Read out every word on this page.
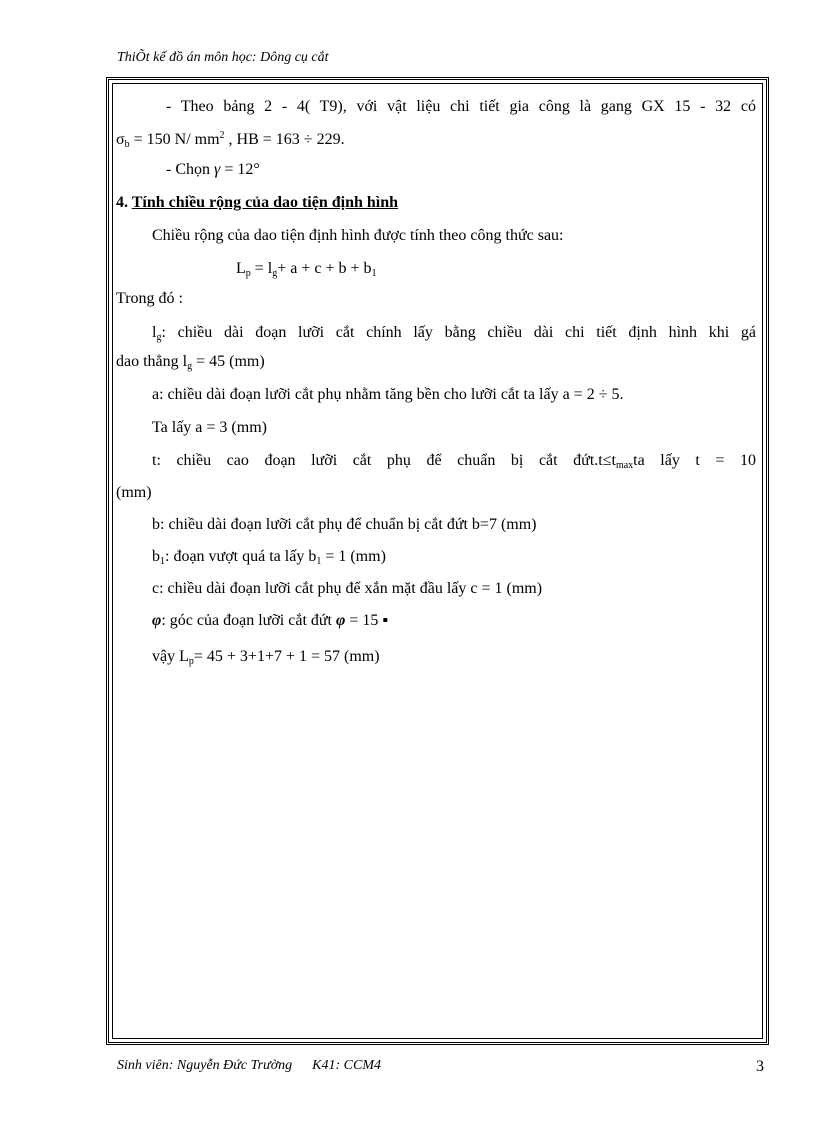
ThiÕt kế đồ án môn học: Dông cụ cắt
- Theo bảng 2 - 4( T9), với vật liệu chi tiết gia công là gang GX 15 - 32 có
$\sigma_b = 150$ N/ $mm^2$ , HB = 163 ÷ 229.
- Chọn γ = 12°
4. Tính chiều rộng của dao tiện định hình
Chiều rộng của dao tiện định hình được tính theo công thức sau:
$L_p = l_g+ a + c + b + b_1$
Trong đó :
$l_g$: chiều dài đoạn lưỡi cắt chính lấy bằng chiều dài chi tiết định hình khi gá
dao thẳng $l_g = 45$ (mm)
a: chiều dài đoạn lưỡi cắt phụ nhằm tăng bền cho lưỡi cắt ta lấy a = 2 ÷ 5.
Ta lấy a = 3 (mm)
t: chiều cao đoạn lưỡi cắt phụ để chuẩn bị cắt $đứt.t\le t_{max}ta$ lấy t = 10
(mm)
b: chiều dài đoạn lưỡi cắt phụ để chuẩn bị cắt đứt b=7 (mm)
$b_1$: đoạn vượt quá ta lấy $b_1 = 1$ (mm)
c: chiều dài đoạn lưỡi cắt phụ để xắn mặt đầu lấy c = 1 (mm)
φ: góc của đoạn lưỡi cắt đứt φ = 15 ▪
vậy $L_p= 45 + 3+1+7 + 1 = 57$ (mm)
Sinh viên: Nguyễn Đức Trường K41: CCM4	3
